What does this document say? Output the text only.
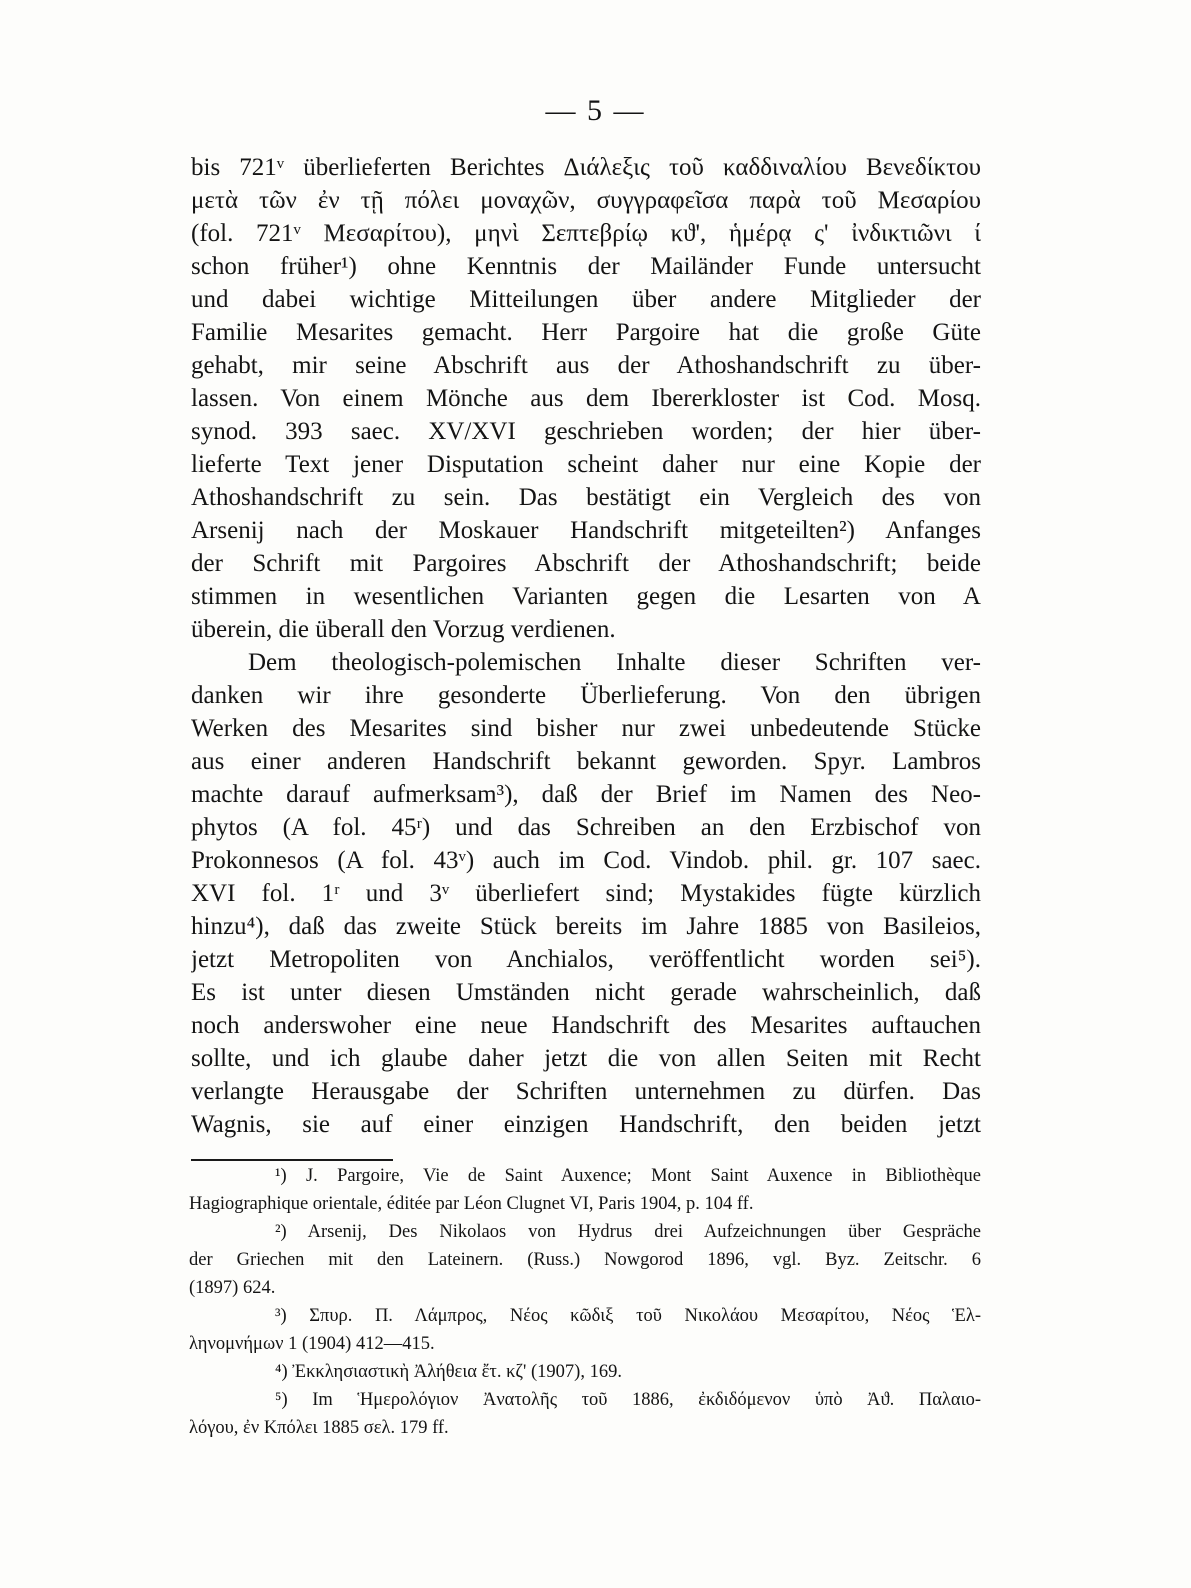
— 5 —
bis 721ᵛ überlieferten Berichtes Διάλεξις τοῦ καδδιναλίου Βενεδίκτου
μετὰ τῶν ἐν τῇ πόλει μοναχῶν, συγγραφεῖσα παρὰ τοῦ Μεσαρίου
(fol. 721ᵛ Μεσαρίτου), μηνὶ Σεπτεβρίῳ κϑ', ἡμέρᾳ ς' ἰνδικτιῶνι ί
schon früher¹) ohne Kenntnis der Mailänder Funde untersucht
und dabei wichtige Mitteilungen über andere Mitglieder der
Familie Mesarites gemacht. Herr Pargoire hat die große Güte
gehabt, mir seine Abschrift aus der Athoshandschrift zu über-
lassen. Von einem Mönche aus dem Ibererkloster ist Cod. Mosq.
synod. 393 saec. XV/XVI geschrieben worden; der hier über-
lieferte Text jener Disputation scheint daher nur eine Kopie der
Athoshandschrift zu sein. Das bestätigt ein Vergleich des von
Arsenij nach der Moskauer Handschrift mitgeteilten²) Anfanges
der Schrift mit Pargoires Abschrift der Athoshandschrift; beide
stimmen in wesentlichen Varianten gegen die Lesarten von A
überein, die überall den Vorzug verdienen.
Dem theologisch-polemischen Inhalte dieser Schriften ver-
danken wir ihre gesonderte Überlieferung. Von den übrigen
Werken des Mesarites sind bisher nur zwei unbedeutende Stücke
aus einer anderen Handschrift bekannt geworden. Spyr. Lambros
machte darauf aufmerksam³), daß der Brief im Namen des Neo-
phytos (A fol. 45ʳ) und das Schreiben an den Erzbischof von
Prokonnesos (A fol. 43ᵛ) auch im Cod. Vindob. phil. gr. 107 saec.
XVI fol. 1ʳ und 3ᵛ überliefert sind; Mystakides fügte kürzlich
hinzu⁴), daß das zweite Stück bereits im Jahre 1885 von Basileios,
jetzt Metropoliten von Anchialos, veröffentlicht worden sei⁵).
Es ist unter diesen Umständen nicht gerade wahrscheinlich, daß
noch anderswoher eine neue Handschrift des Mesarites auftauchen
sollte, und ich glaube daher jetzt die von allen Seiten mit Recht
verlangte Herausgabe der Schriften unternehmen zu dürfen. Das
Wagnis, sie auf einer einzigen Handschrift, den beiden jetzt
¹) J. Pargoire, Vie de Saint Auxence; Mont Saint Auxence in Bibliothèque
Hagiographique orientale, éditée par Léon Clugnet VI, Paris 1904, p. 104 ff.
²) Arsenij, Des Nikolaos von Hydrus drei Aufzeichnungen über Gespräche
der Griechen mit den Lateinern. (Russ.) Nowgorod 1896, vgl. Byz. Zeitschr. 6
(1897) 624.
³) Σπυρ. Π. Λάμπρος, Νέος κῶδιξ τοῦ Νικολάου Μεσαρίτου, Νέος Ἑλ-
ληνομνήμων 1 (1904) 412—415.
⁴) Ἐκκλησιαστικὴ Ἀλήθεια ἔτ. κζ' (1907), 169.
⁵) Im Ἡμερολόγιον Ἀνατολῆς τοῦ 1886, ἐκδιδόμενον ὑπὸ Ἀϑ. Παλαιο-
λόγου, ἐν Κπόλει 1885 σελ. 179 ff.
